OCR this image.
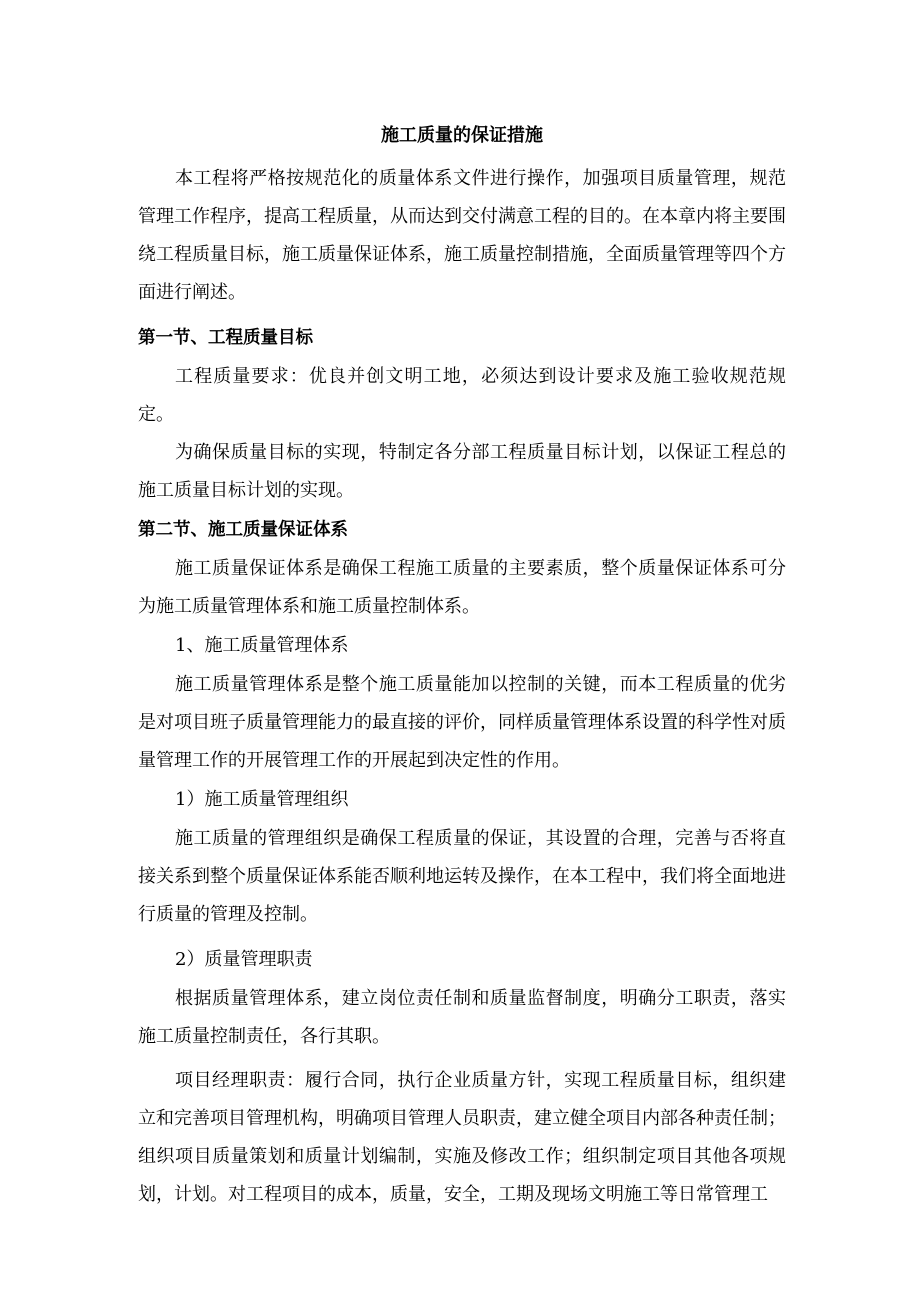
施工质量的保证措施

本工程将严格按规范化的质量体系文件进行操作，加强项目质量管理，规范管理工作程序，提高工程质量，从而达到交付满意工程的目的。在本章内将主要围绕工程质量目标，施工质量保证体系，施工质量控制措施，全面质量管理等四个方面进行阐述。

第一节、工程质量目标

工程质量要求：优良并创文明工地，必须达到设计要求及施工验收规范规定。

为确保质量目标的实现，特制定各分部工程质量目标计划，以保证工程总的施工质量目标计划的实现。

第二节、施工质量保证体系

施工质量保证体系是确保工程施工质量的主要素质，整个质量保证体系可分为施工质量管理体系和施工质量控制体系。

1、施工质量管理体系

施工质量管理体系是整个施工质量能加以控制的关键，而本工程质量的优劣是对项目班子质量管理能力的最直接的评价，同样质量管理体系设置的科学性对质量管理工作的开展管理工作的开展起到决定性的作用。

1）施工质量管理组织

施工质量的管理组织是确保工程质量的保证，其设置的合理，完善与否将直接关系到整个质量保证体系能否顺利地运转及操作，在本工程中，我们将全面地进行质量的管理及控制。

2）质量管理职责

根据质量管理体系，建立岗位责任制和质量监督制度，明确分工职责，落实施工质量控制责任，各行其职。

项目经理职责：履行合同，执行企业质量方针，实现工程质量目标，组织建立和完善项目管理机构，明确项目管理人员职责，建立健全项目内部各种责任制；组织项目质量策划和质量计划编制，实施及修改工作；组织制定项目其他各项规划，计划。对工程项目的成本，质量，安全，工期及现场文明施工等日常管理工
